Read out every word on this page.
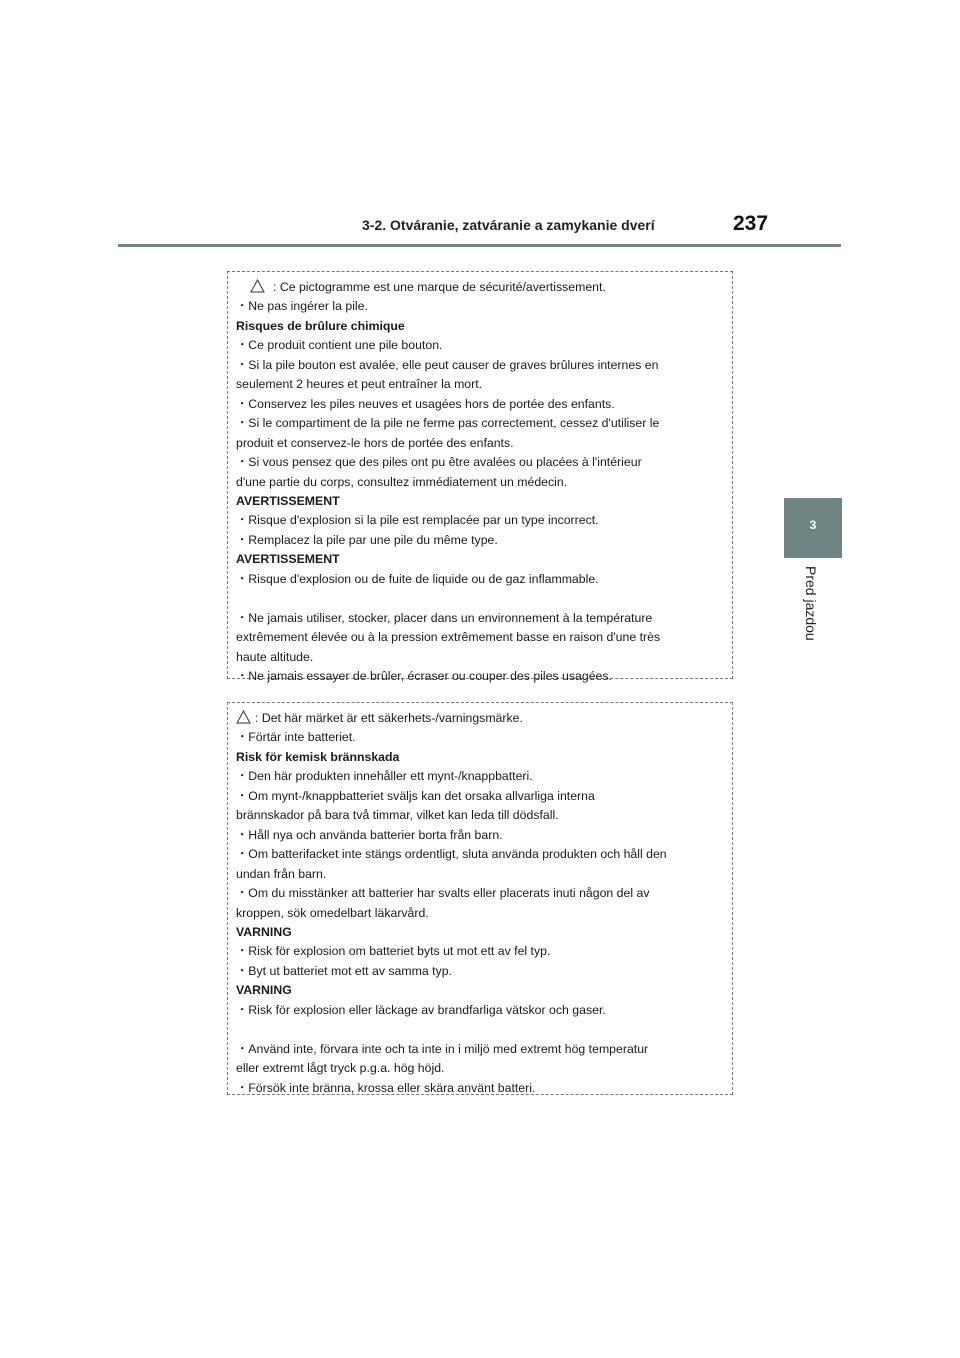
3-2. Otváranie, zatváranie a zamykanie dverí	237
3
Pred jazdou
: Ce pictogramme est une marque de sécurité/avertissement.
・Ne pas ingérer la pile.
Risques de brûlure chimique
・Ce produit contient une pile bouton.
・Si la pile bouton est avalée, elle peut causer de graves brûlures internes en
seulement 2 heures et peut entraîner la mort.
・Conservez les piles neuves et usagées hors de portée des enfants.
・Si le compartiment de la pile ne ferme pas correctement, cessez d'utiliser le
produit et conservez-le hors de portée des enfants.
・Si vous pensez que des piles ont pu être avalées ou placées à l'intérieur
d'une partie du corps, consultez immédiatement un médecin.
AVERTISSEMENT
・Risque d'explosion si la pile est remplacée par un type incorrect.
・Remplacez la pile par une pile du même type.
AVERTISSEMENT
・Risque d'explosion ou de fuite de liquide ou de gaz inflammable.
・Ne jamais utiliser, stocker, placer dans un environnement à la température
extrêmement élevée ou à la pression extrêmement basse en raison d'une très
haute altitude.
・Ne jamais essayer de brûler, écraser ou couper des piles usagées.
: Det här märket är ett säkerhets-/varningsmärke.
・Förtär inte batteriet.
Risk för kemisk brännskada
・Den här produkten innehåller ett mynt-/knappbatteri.
・Om mynt-/knappbatteriet sväljs kan det orsaka allvarliga interna
brännskador på bara två timmar, vilket kan leda till dödsfall.
・Håll nya och använda batterier borta från barn.
・Om batterifacket inte stängs ordentligt, sluta använda produkten och håll den
undan från barn.
・Om du misstänker att batterier har svalts eller placerats inuti någon del av
kroppen, sök omedelbart läkarvård.
VARNING
・Risk för explosion om batteriet byts ut mot ett av fel typ.
・Byt ut batteriet mot ett av samma typ.
VARNING
・Risk för explosion eller läckage av brandfarliga vätskor och gaser.
・Använd inte, förvara inte och ta inte in i miljö med extremt hög temperatur
eller extremt lågt tryck p.g.a. hög höjd.
・Försök inte bränna, krossa eller skära använt batteri.
